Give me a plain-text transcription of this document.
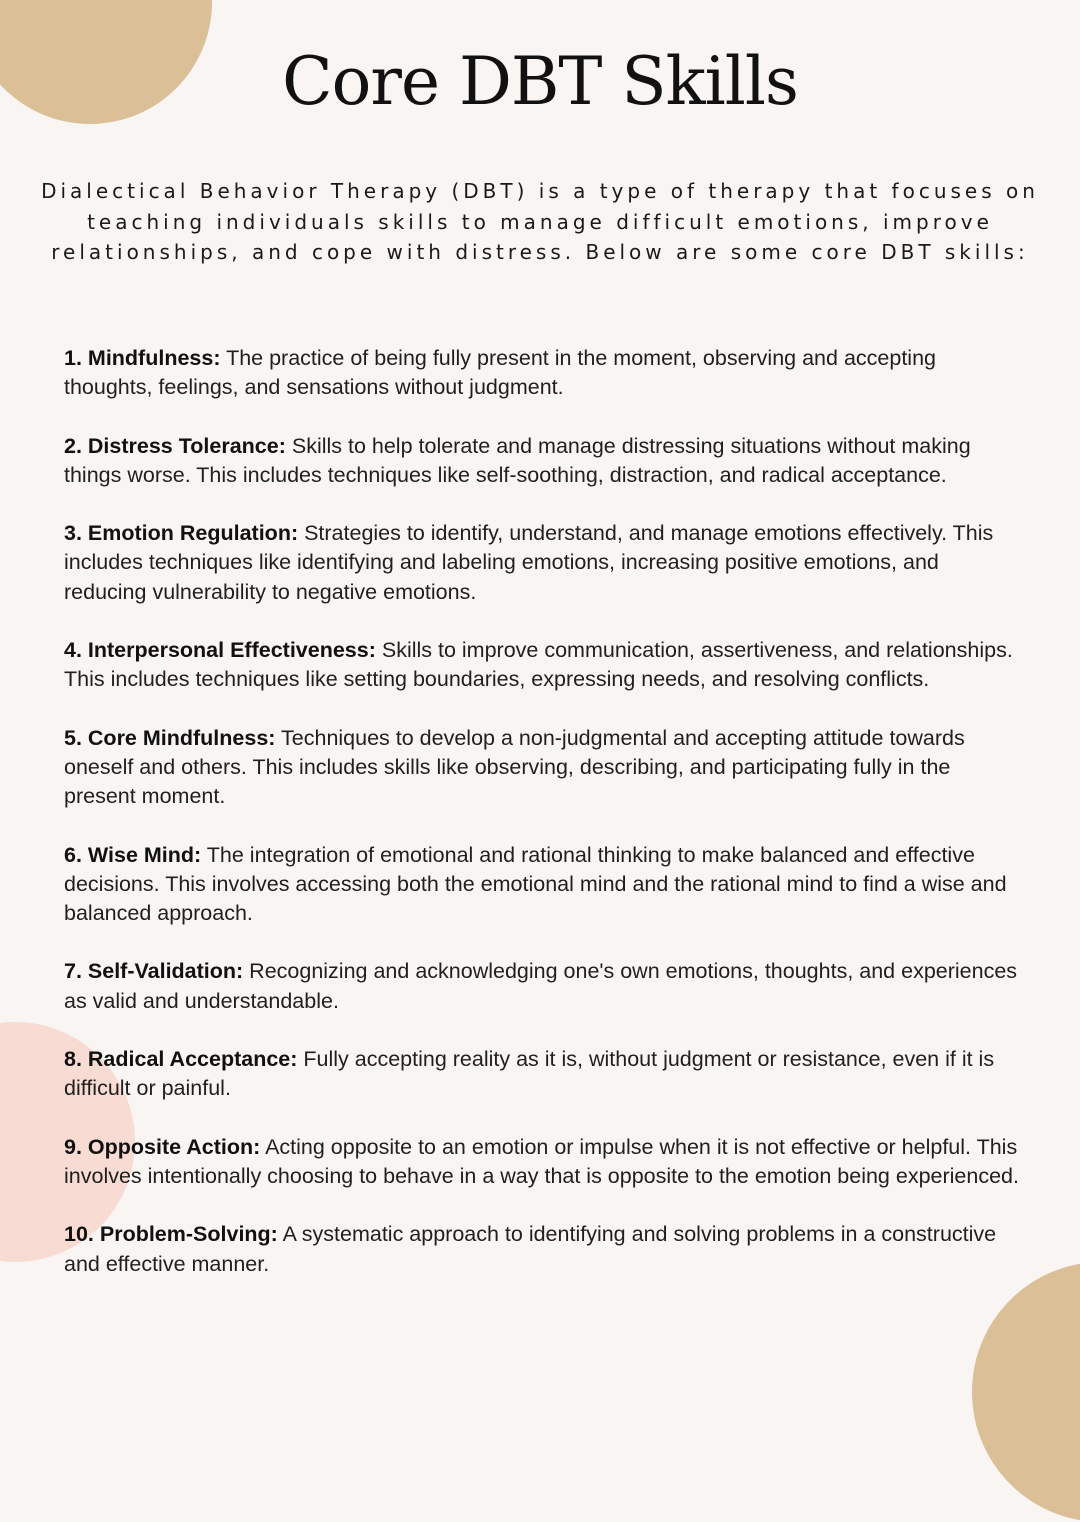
Core DBT Skills

Dialectical Behavior Therapy (DBT) is a type of therapy that focuses on teaching individuals skills to manage difficult emotions, improve relationships, and cope with distress. Below are some core DBT skills:

1. Mindfulness: The practice of being fully present in the moment, observing and accepting thoughts, feelings, and sensations without judgment.
2. Distress Tolerance: Skills to help tolerate and manage distressing situations without making things worse. This includes techniques like self-soothing, distraction, and radical acceptance.
3. Emotion Regulation: Strategies to identify, understand, and manage emotions effectively. This includes techniques like identifying and labeling emotions, increasing positive emotions, and reducing vulnerability to negative emotions.
4. Interpersonal Effectiveness: Skills to improve communication, assertiveness, and relationships. This includes techniques like setting boundaries, expressing needs, and resolving conflicts.
5. Core Mindfulness: Techniques to develop a non-judgmental and accepting attitude towards oneself and others. This includes skills like observing, describing, and participating fully in the present moment.
6. Wise Mind: The integration of emotional and rational thinking to make balanced and effective decisions. This involves accessing both the emotional mind and the rational mind to find a wise and balanced approach.
7. Self-Validation: Recognizing and acknowledging one's own emotions, thoughts, and experiences as valid and understandable.
8. Radical Acceptance: Fully accepting reality as it is, without judgment or resistance, even if it is difficult or painful.
9. Opposite Action: Acting opposite to an emotion or impulse when it is not effective or helpful. This involves intentionally choosing to behave in a way that is opposite to the emotion being experienced.
10. Problem-Solving: A systematic approach to identifying and solving problems in a constructive and effective manner.
